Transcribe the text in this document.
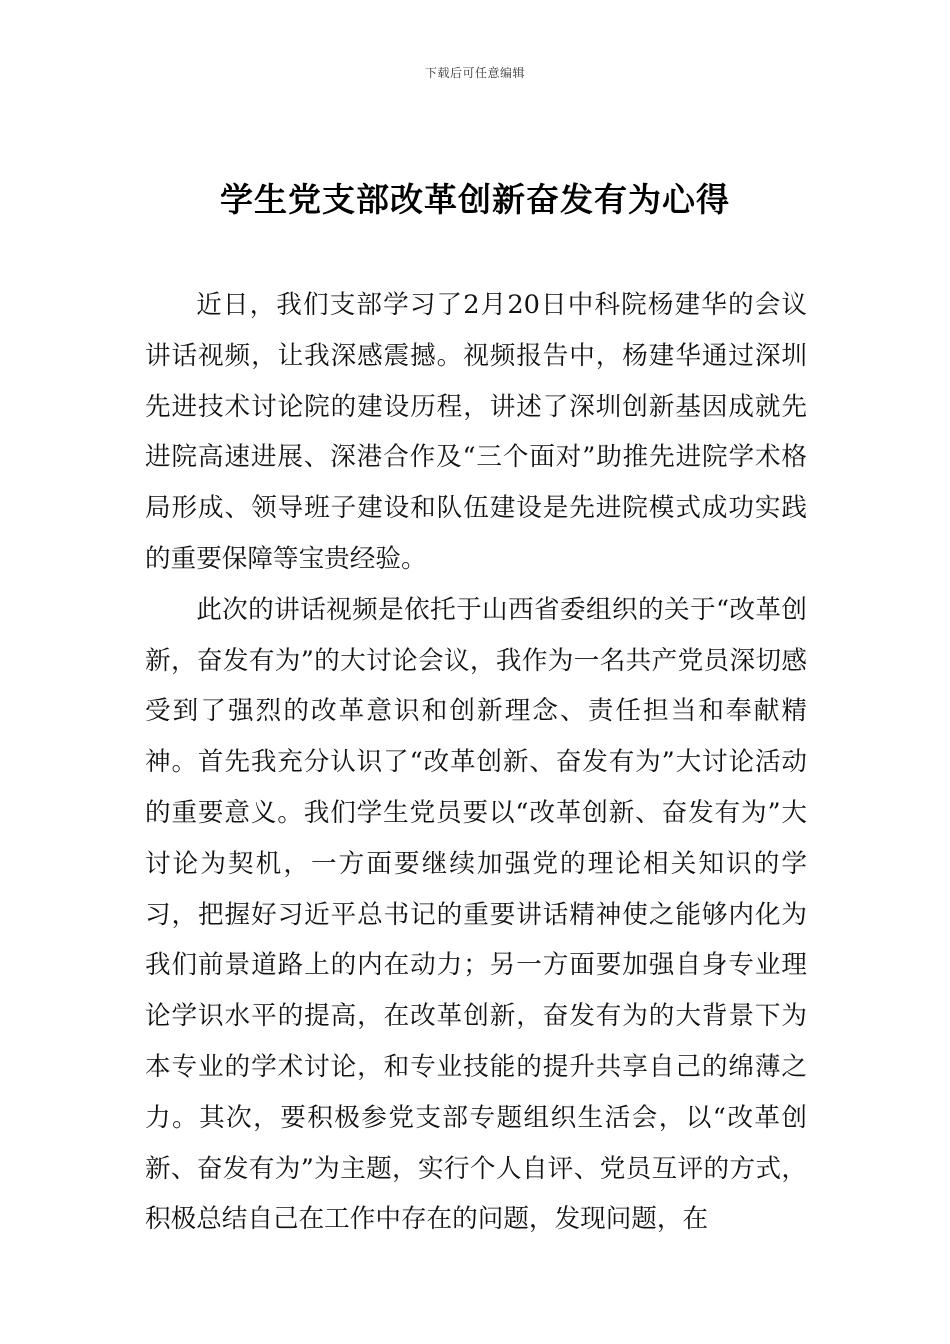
下载后可任意编辑
学生党支部改革创新奋发有为心得

近日，我们支部学习了2月20日中科院杨建华的会议讲话视频，让我深感震撼。视频报告中，杨建华通过深圳先进技术讨论院的建设历程，讲述了深圳创新基因成就先进院高速进展、深港合作及“三个面对”助推先进院学术格局形成、领导班子建设和队伍建设是先进院模式成功实践的重要保障等宝贵经验。

此次的讲话视频是依托于山西省委组织的关于“改革创新，奋发有为”的大讨论会议，我作为一名共产党员深切感受到了强烈的改革意识和创新理念、责任担当和奉献精神。首先我充分认识了“改革创新、奋发有为”大讨论活动的重要意义。我们学生党员要以“改革创新、奋发有为”大讨论为契机，一方面要继续加强党的理论相关知识的学习，把握好习近平总书记的重要讲话精神使之能够内化为我们前景道路上的内在动力；另一方面要加强自身专业理论学识水平的提高，在改革创新，奋发有为的大背景下为本专业的学术讨论，和专业技能的提升共享自己的绵薄之力。其次，要积极参党支部专题组织生活会，以“改革创新、奋发有为”为主题，实行个人自评、党员互评的方式，积极总结自己在工作中存在的问题，发现问题，在
